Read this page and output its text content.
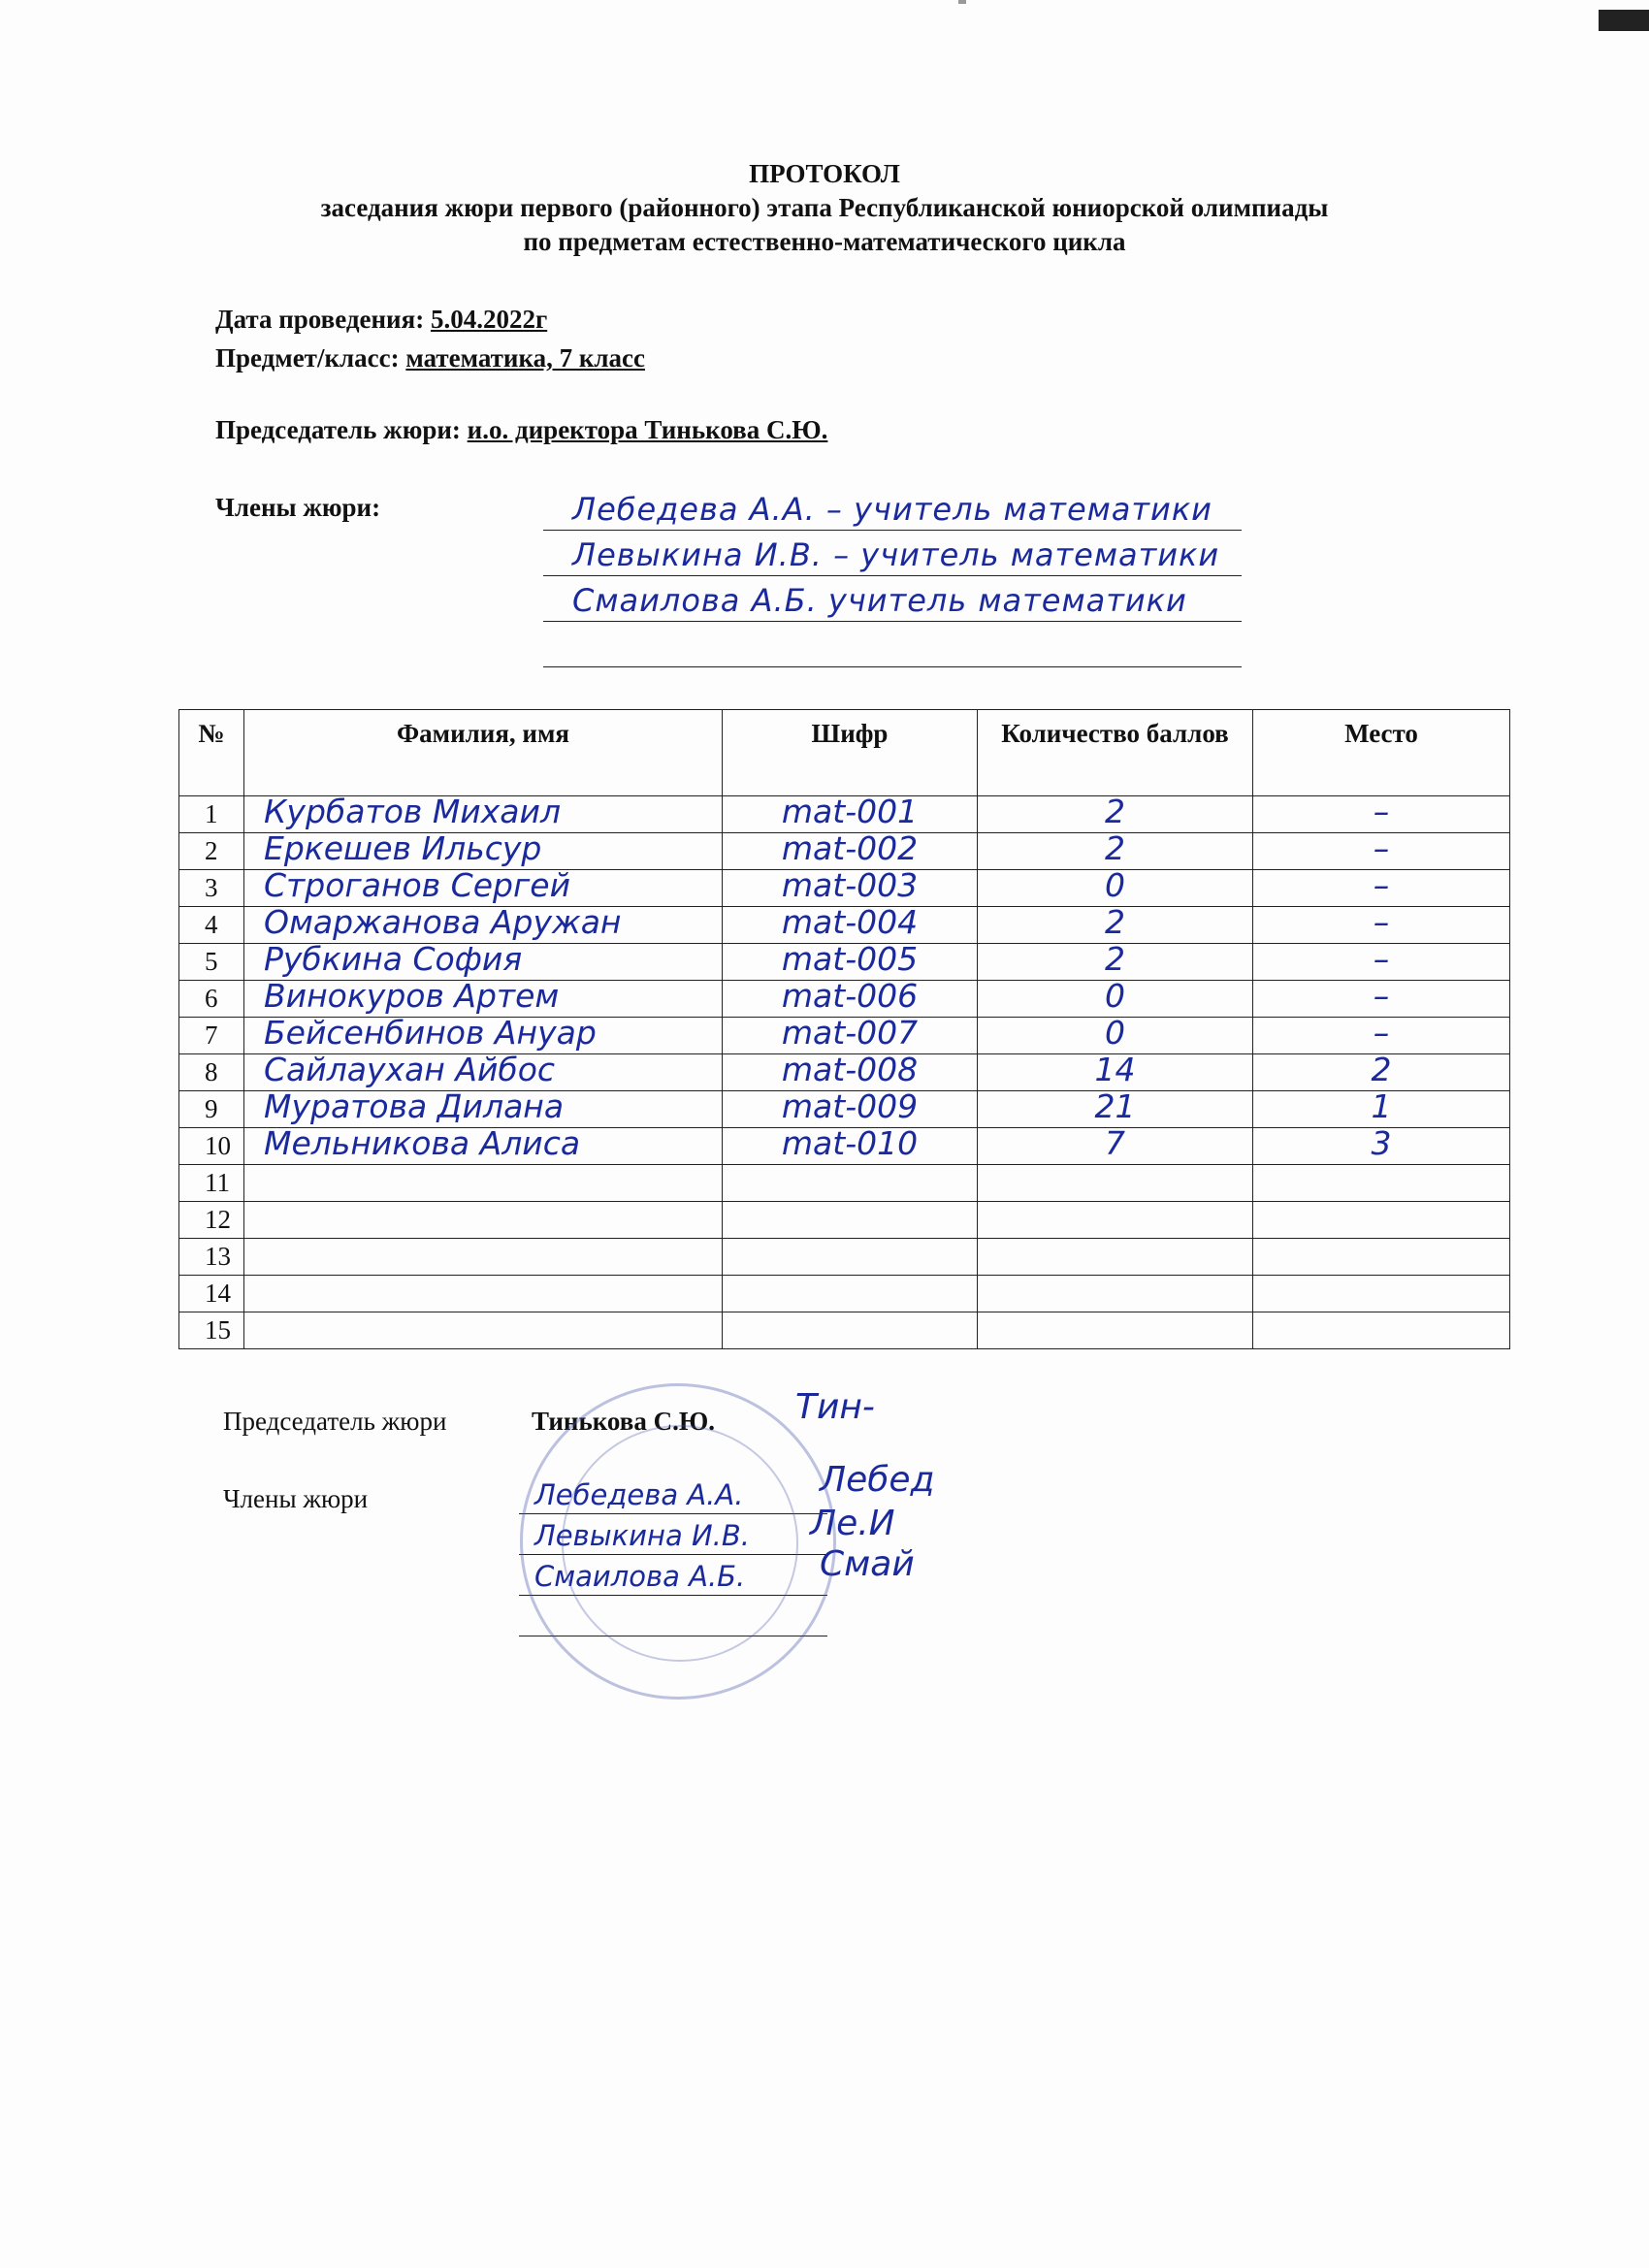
ПРОТОКОЛ
заседания жюри первого (районного) этапа Республиканской юниорской олимпиады
по предметам естественно-математического цикла
Дата проведения: 5.04.2022г
Предмет/класс: математика, 7 класс
Председатель жюри: и.о. директора Тинькова С.Ю.
Члены жюри:	Лебедева А.А. – учитель математики
Левыкина И.В. – учитель математики
Смаилова А.Б. учитель математики
№	Фамилия, имя	Шифр	Количество баллов	Место
1	Курбатов Михаил	mat-001	2	–

2	Еркешев Ильсур	mat-002	2	–

3	Строганов Сергей	mat-003	0	–

4	Омаржанова Аружан	mat-004	2	–

5	Рубкина София	mat-005	2	–

6	Винокуров Артем	mat-006	0	–

7	Бейсенбинов Ануар	mat-007	0	–

8	Сайлаухан Айбос	mat-008	14	2

9	Муратова Дилана	mat-009	21	1

10	Мельникова Алиса	mat-010	7	3

11	

12	

13	

14	

15	

Председатель жюри	Тинькова С.Ю. Тин-
Члены жюри	Лебедева А.А.
Левыкина И.В.
Смаилова А.Б.
Лебед
Ле.И
Смай
